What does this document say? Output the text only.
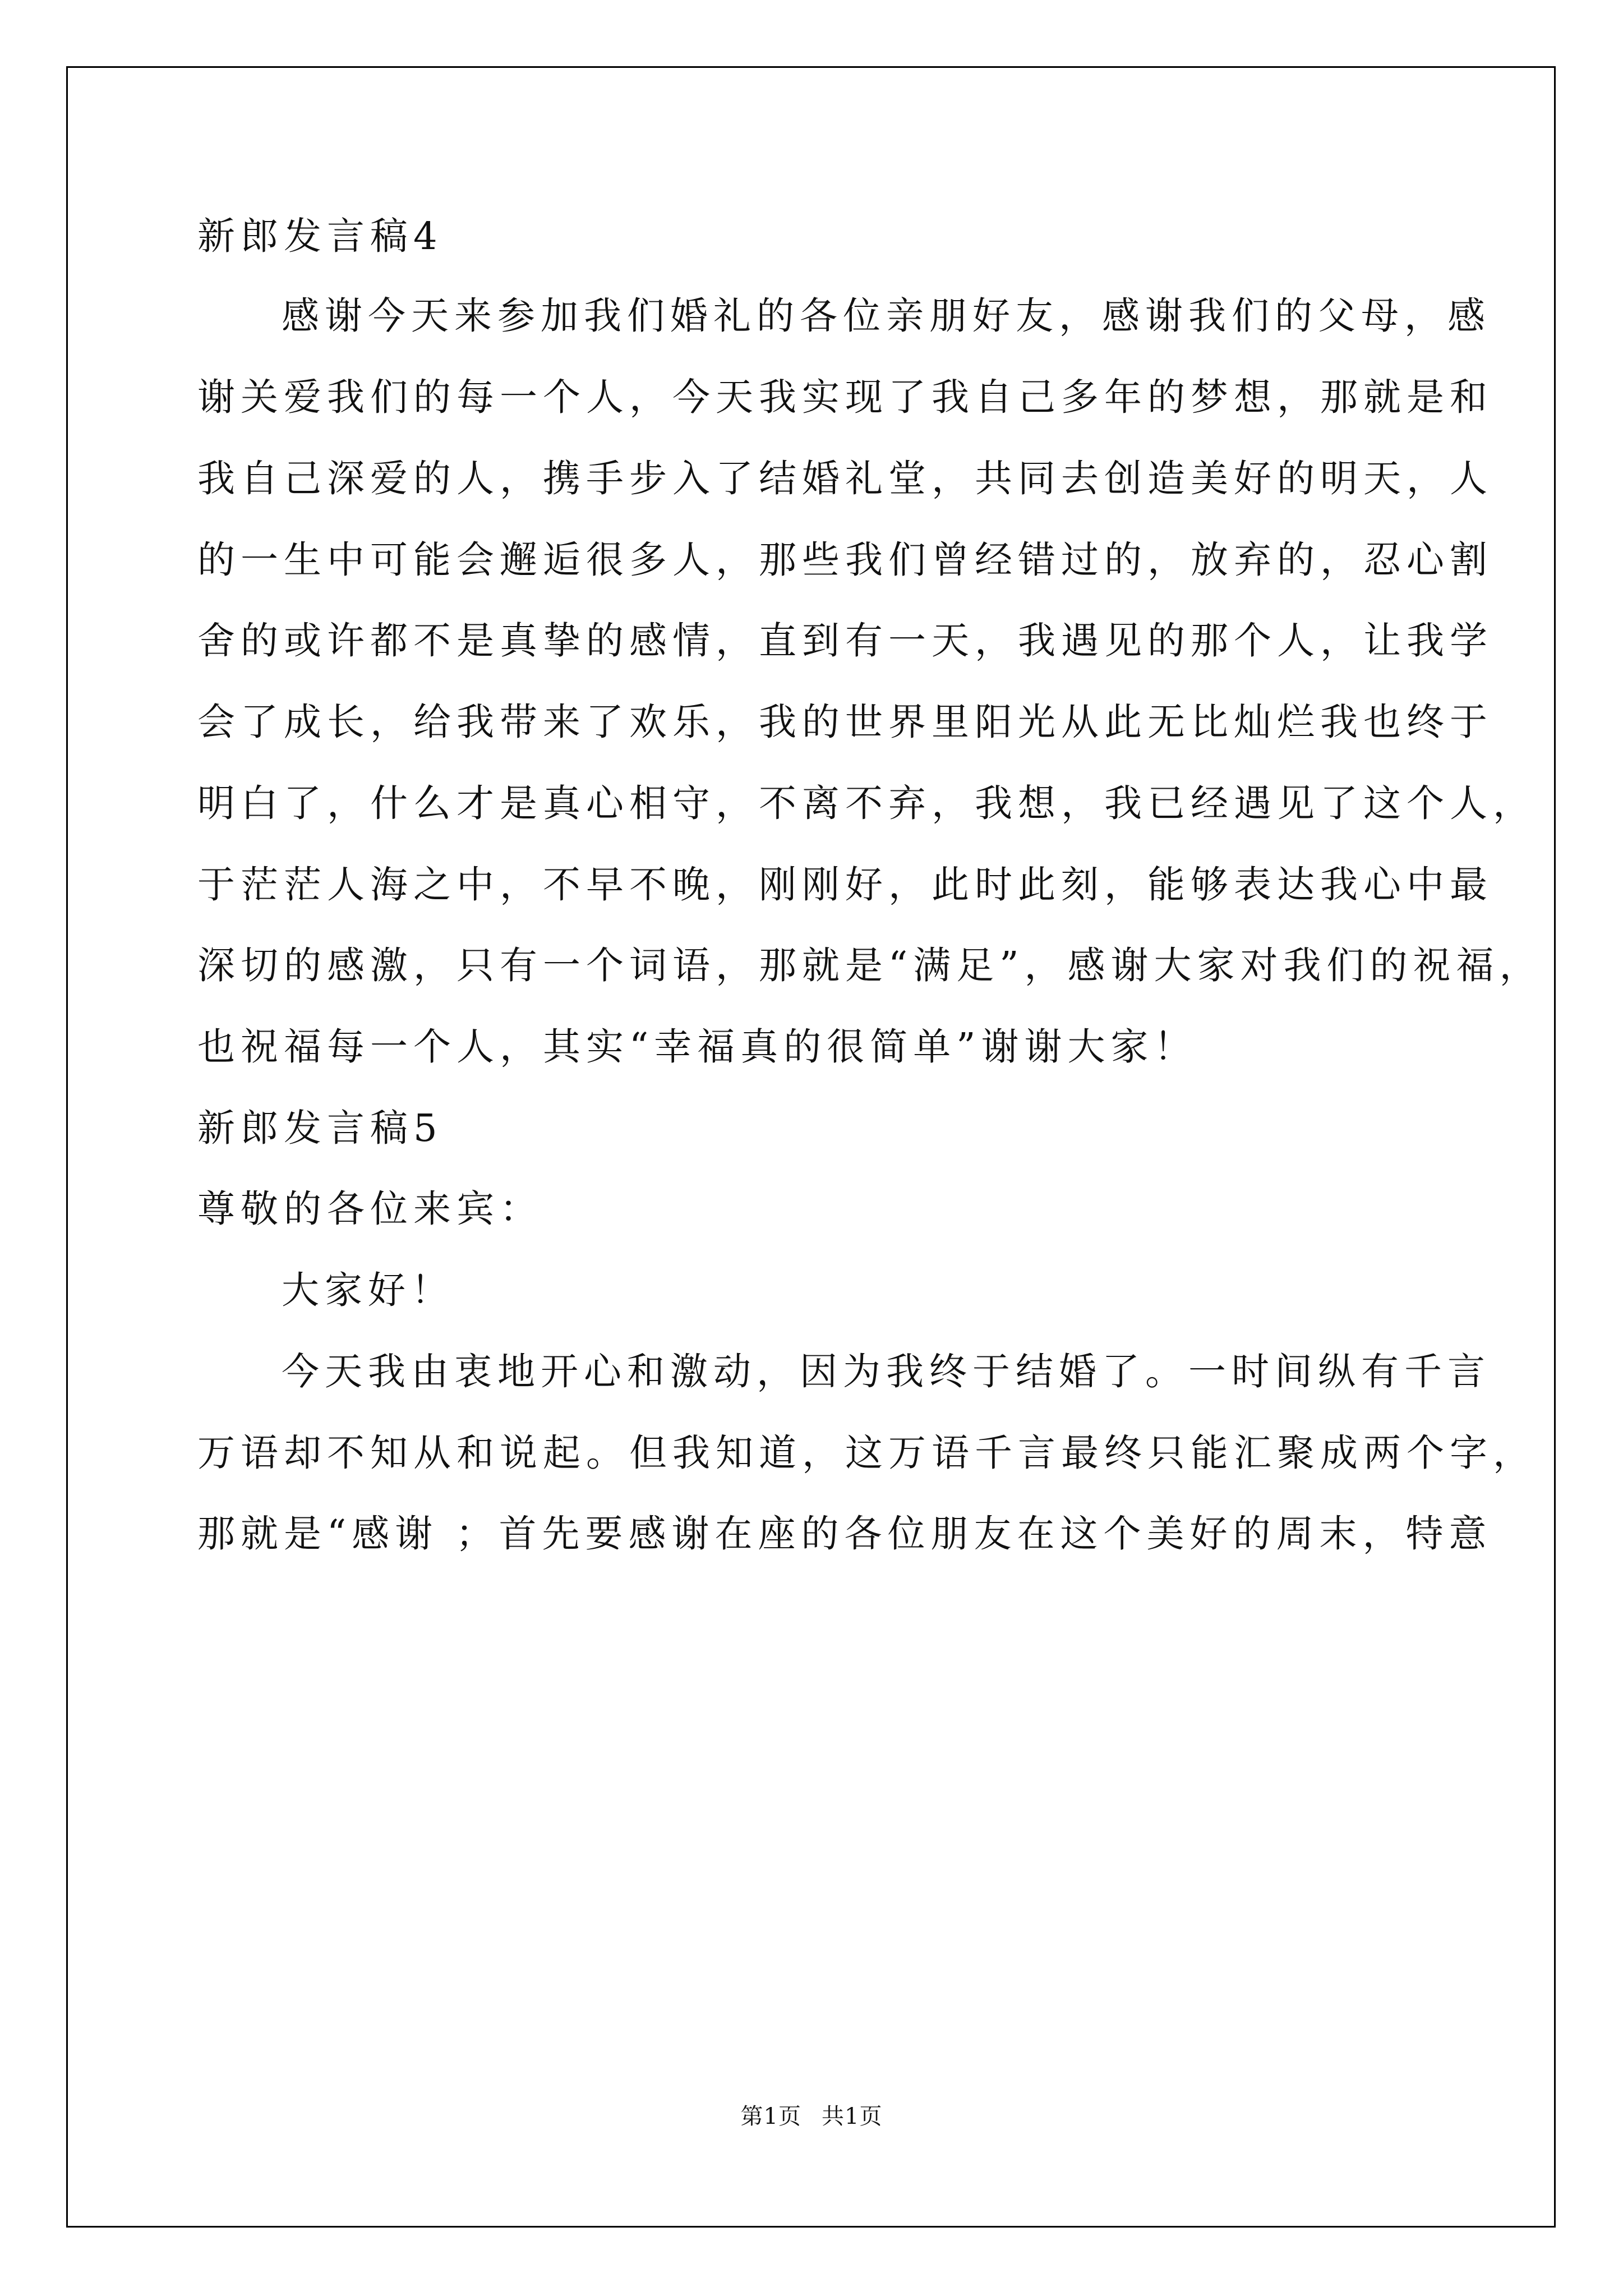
新郎发言稿4
感谢今天来参加我们婚礼的各位亲朋好友，感谢我们的父母，感
谢关爱我们的每一个人，今天我实现了我自己多年的梦想，那就是和
我自己深爱的人，携手步入了结婚礼堂，共同去创造美好的明天，人
的一生中可能会邂逅很多人，那些我们曾经错过的，放弃的，忍心割
舍的或许都不是真挚的感情，直到有一天，我遇见的那个人，让我学
会了成长，给我带来了欢乐，我的世界里阳光从此无比灿烂我也终于
明白了，什么才是真心相守，不离不弃，我想，我已经遇见了这个人，
于茫茫人海之中，不早不晚，刚刚好，此时此刻，能够表达我心中最
深切的感激，只有一个词语，那就是“满足”，感谢大家对我们的祝福，
也祝福每一个人，其实“幸福真的很简单”谢谢大家！
新郎发言稿5
尊敬的各位来宾：
大家好！
今天我由衷地开心和激动，因为我终于结婚了。一时间纵有千言
万语却不知从和说起。但我知道，这万语千言最终只能汇聚成两个字，
那就是“感谢 ；首先要感谢在座的各位朋友在这个美好的周末，特意
第1页 共1页
